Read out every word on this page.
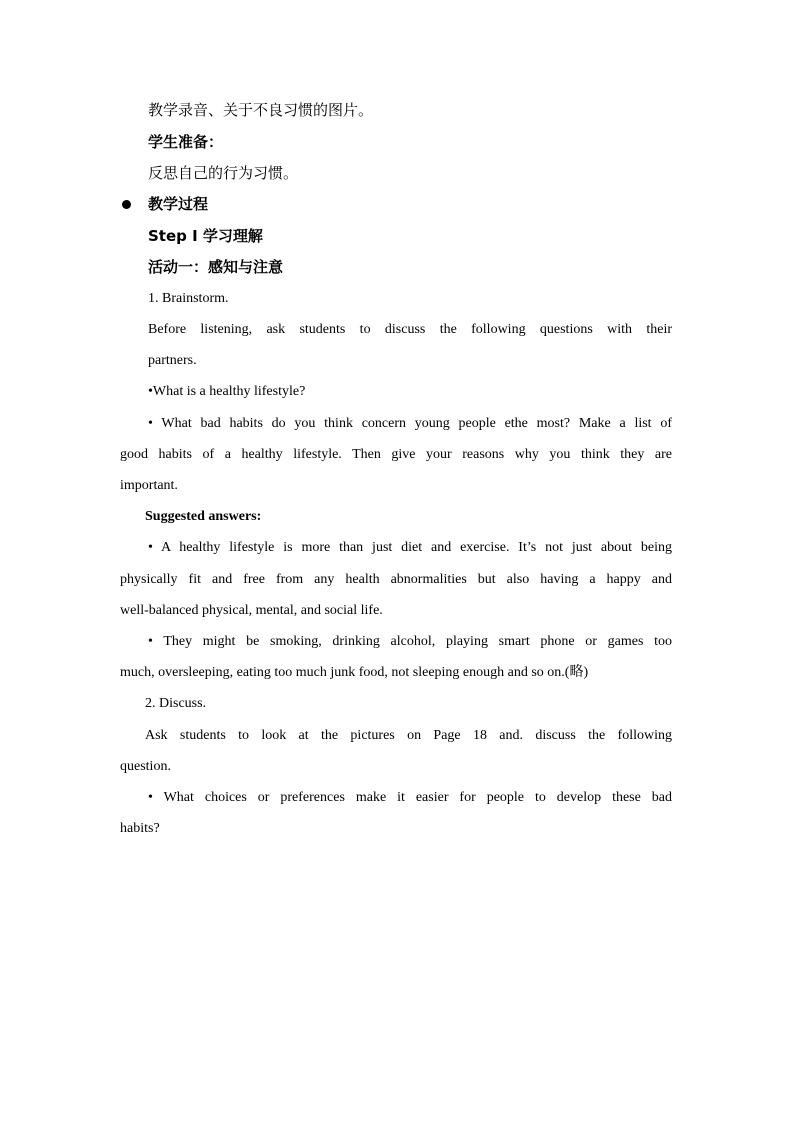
教学录音、关于不良习惯的图片。
学生准备：
反思自己的行为习惯。
教学过程
Step I 学习理解
活动一：感知与注意
1. Brainstorm.
Before listening, ask students to discuss the following questions with their
partners.
•What is a healthy lifestyle?
• What bad habits do you think concern young people ethe most? Make a list of
good habits of a healthy lifestyle. Then give your reasons why you think they are
important.
Suggested answers:
• A healthy lifestyle is more than just diet and exercise. It’s not just about being
physically fit and free from any health abnormalities but also having a happy and
well-balanced physical, mental, and social life.
• They might be smoking, drinking alcohol, playing smart phone or games too
much, oversleeping, eating too much junk food, not sleeping enough and so on.(略)
2. Discuss.
Ask students to look at the pictures on Page 18 and. discuss the following
question.
• What choices or preferences make it easier for people to develop these bad
habits?
